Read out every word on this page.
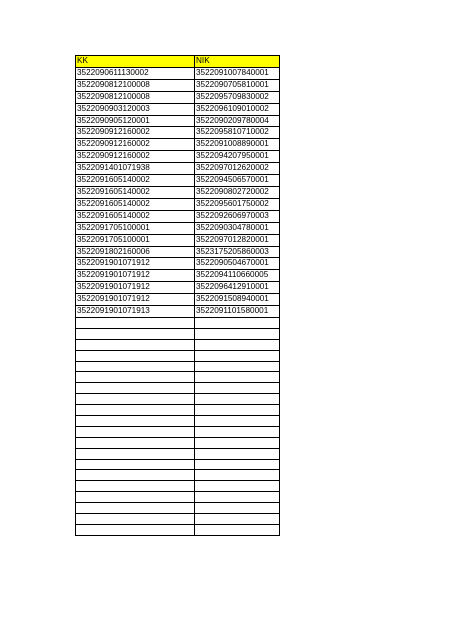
KK	NIK
3522090611130002	3522091007840001
3522090812100008	3522090705810001
3522090812100008	3522095709830002
3522090903120003	3522096109010002
3522090905120001	3522090209780004
3522090912160002	3522095810710002
3522090912160002	3522091008890001
3522090912160002	3522094207950001
3522091401071938	3522097012620002
3522091605140002	3522094506570001
3522091605140002	3522090802720002
3522091605140002	3522095601750002
3522091605140002	3522092606970003
3522091705100001	3522090304780001
3522091705100001	3522097012820001
3522091802160006	3523175205860003
3522091901071912	3522090504670001
3522091901071912	3522094110660005
3522091901071912	3522096412910001
3522091901071912	3522091508940001
3522091901071913	3522091101580001
